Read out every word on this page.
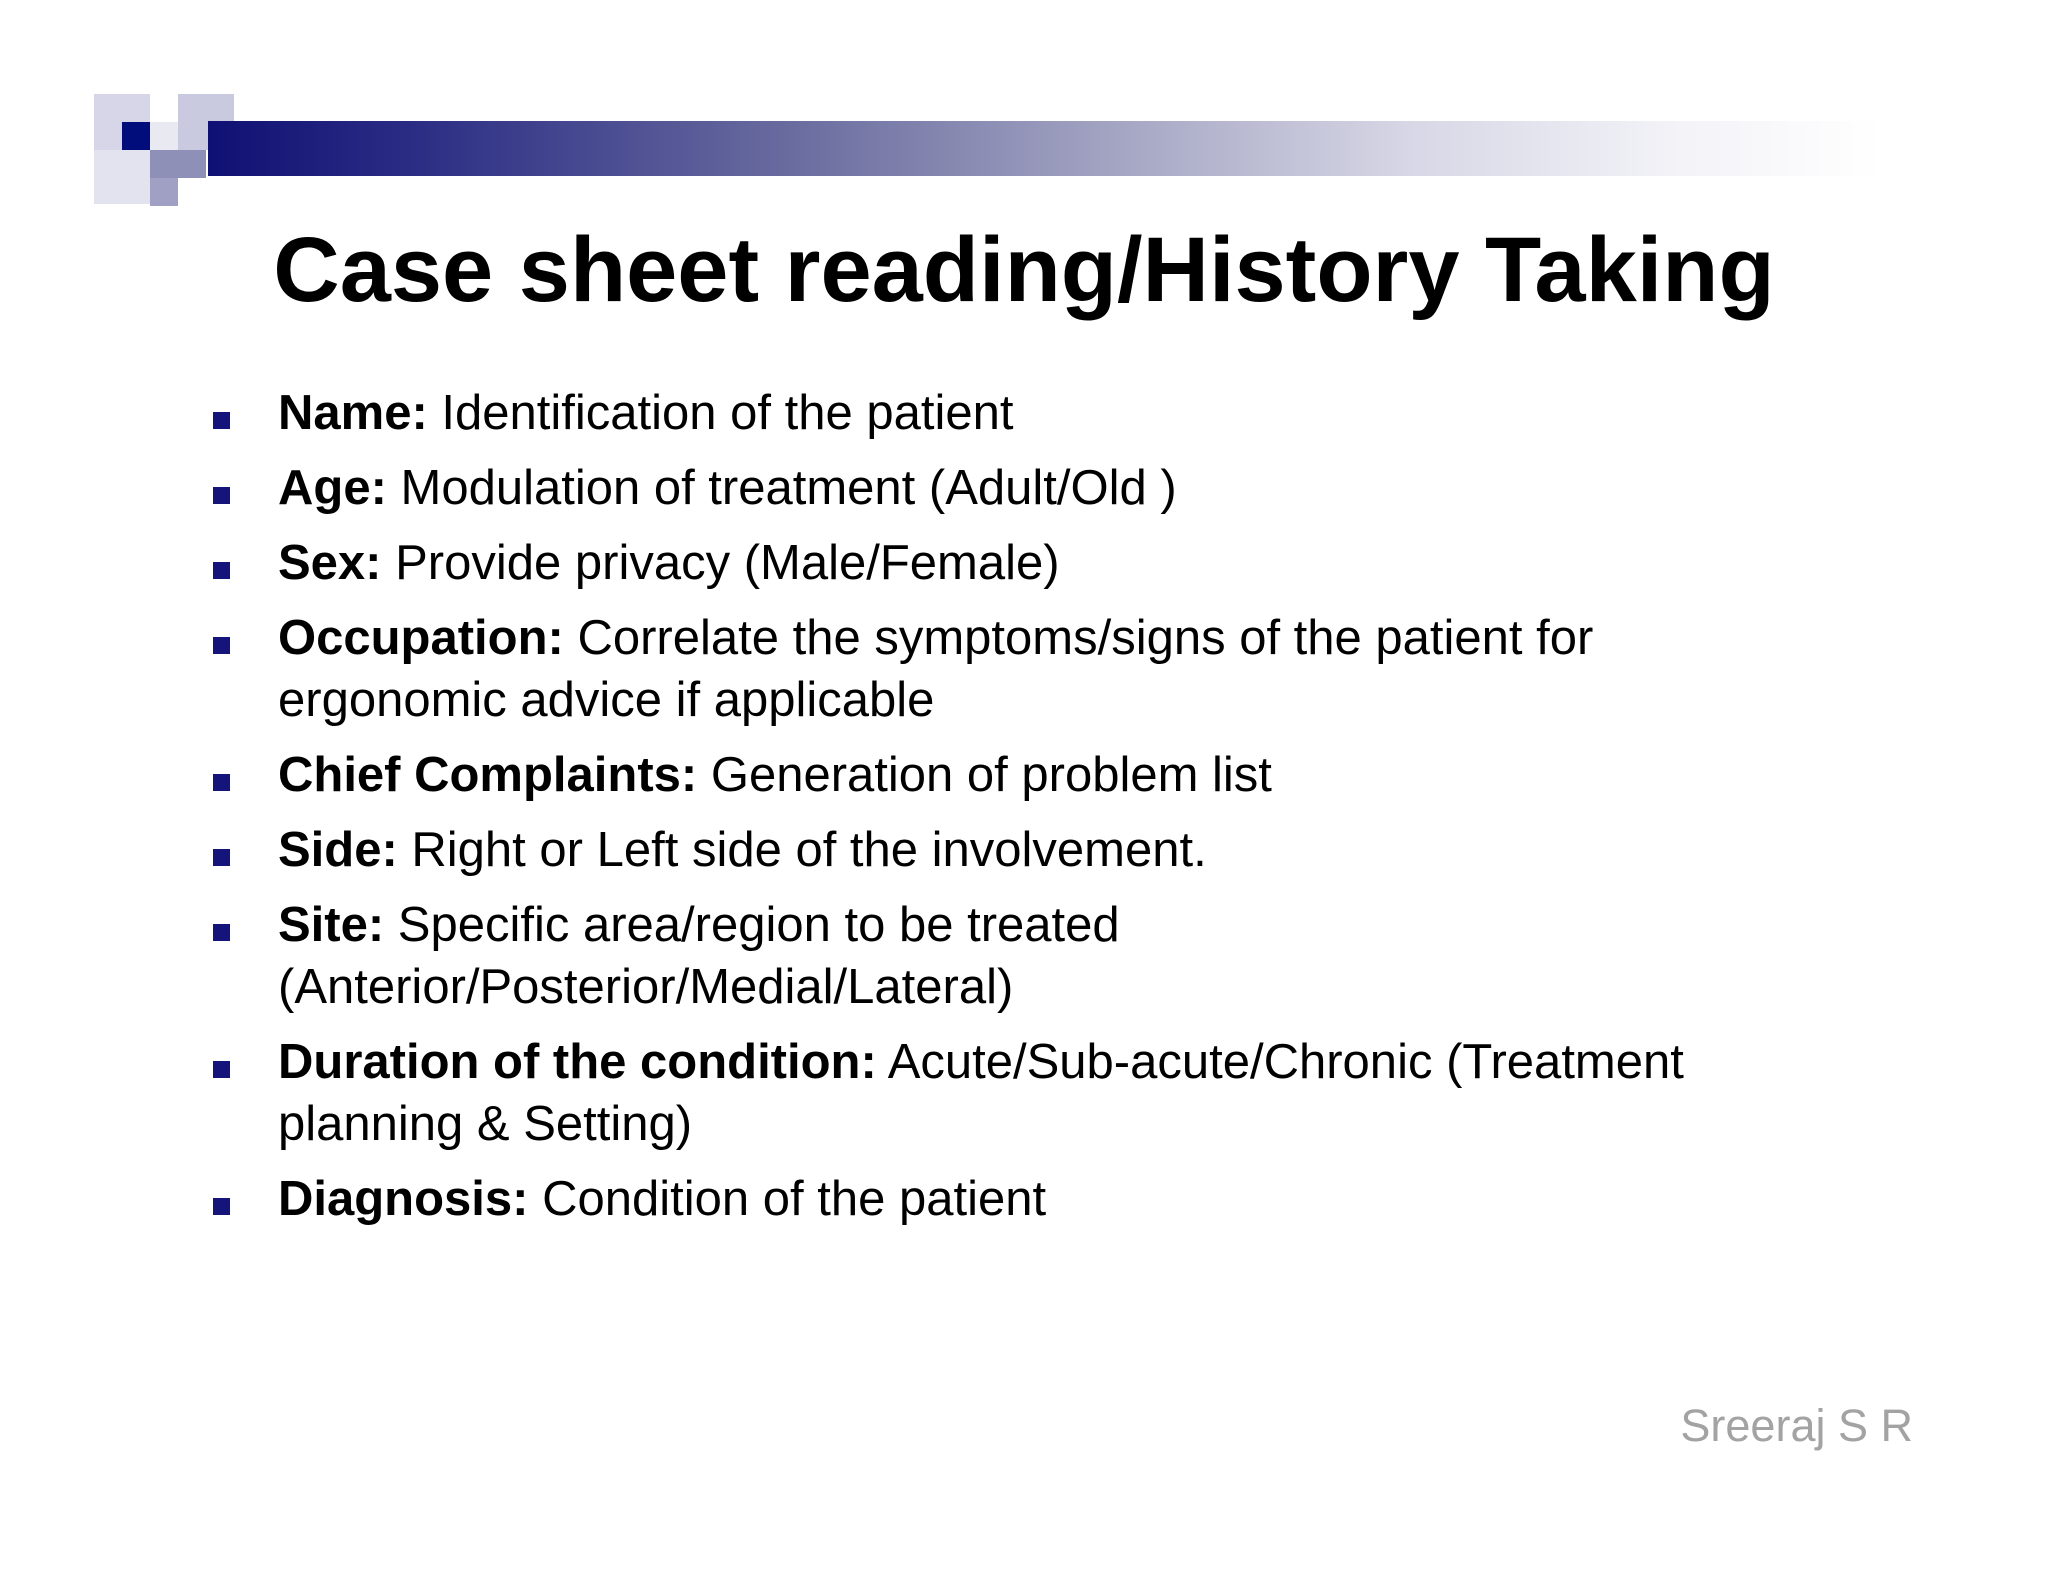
Case sheet reading/History Taking
Name: Identification of the patient
Age: Modulation of treatment (Adult/Old )
Sex: Provide privacy (Male/Female)
Occupation: Correlate the symptoms/signs of the patient for ergonomic advice if applicable
Chief Complaints: Generation of problem list
Side: Right or Left side of the involvement.
Site: Specific area/region to be treated (Anterior/Posterior/Medial/Lateral)
Duration of the condition: Acute/Sub-acute/Chronic (Treatment planning & Setting)
Diagnosis: Condition of the patient
Sreeraj S R
